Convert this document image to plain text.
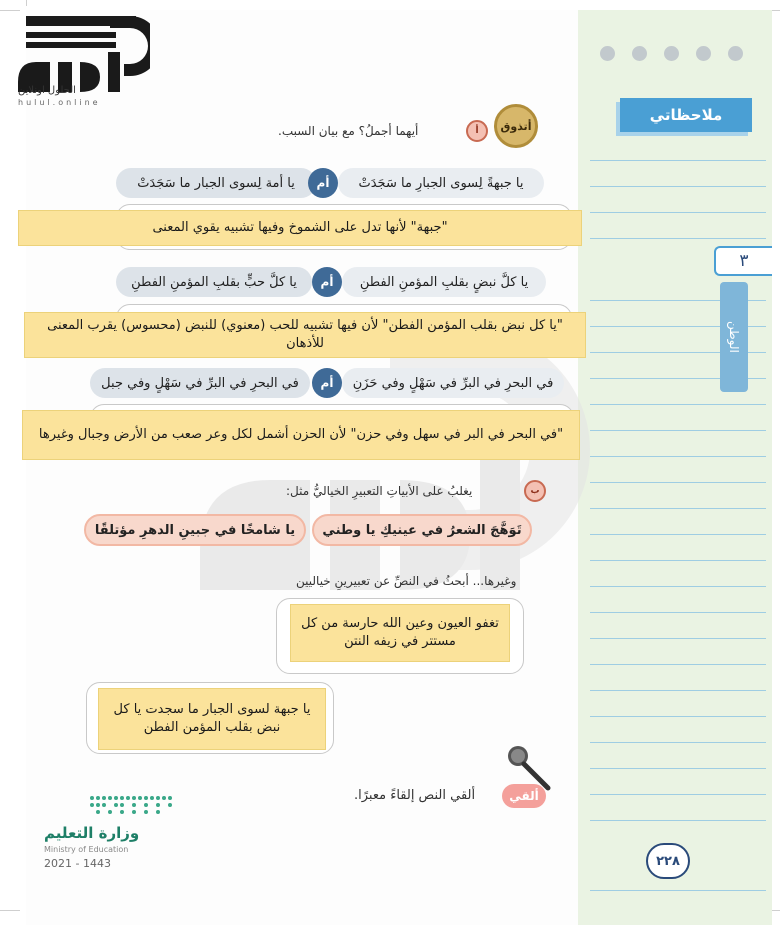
ملاحظاتي
٣
الوطن
٢٢٨
الحلول اونلاين
hulul.online
أتذوق
أ
أيهما أجملُ؟ مع بيان السبب.
يا أمة لِسوى الجبار ما سَجَدَتْ	أم	يا جبهةً لِسوى الجبارِ ما سَجَدَتْ
"جبهة" لأنها تدل على الشموخ وفيها تشبيه يقوي المعنى
يا كلَّ حبٍّ بقلبِ المؤمنِ الفطنِ	أم	يا كلَّ نبضٍ بقلبِ المؤمنِ الفطنِ
"يا كل نبض بقلب المؤمن الفطن" لأن فيها تشبيه للحب (معنوي) للنبض (محسوس) يقرب المعنى للأذهان
في البحرِ في البرِّ في سَهْلٍ وفي جبل	أم	في البحرِ في البرِّ في سَهْلٍ وفي حَزَنِ
"في البحر في البر في سهل وفي حزن" لأن الحزن أشمل لكل وعر صعب من الأرض وجبال وغيرها
ب
يغلبُ على الأبياتِ التعبيرِ الخياليُّ مثل:
يا شامخًا في جبينِ الدهرِ مؤتلقًا	تَوَهَّجَ الشعرُ في عينيكِ يا وطني
وغيرها... أبحثُ في النصِّ عن تعبيرينِ خياليين
تغفو العيون وعين الله حارسة من كل مستتر في زيفه النتن
يا جبهة لسوى الجبار ما سجدت يا كل نبض بقلب المؤمن الفطن
ألقي
ألقي النص إلقاءً معبرًا.
وزارة التعليم
Ministry of Education
2021 - 1443
